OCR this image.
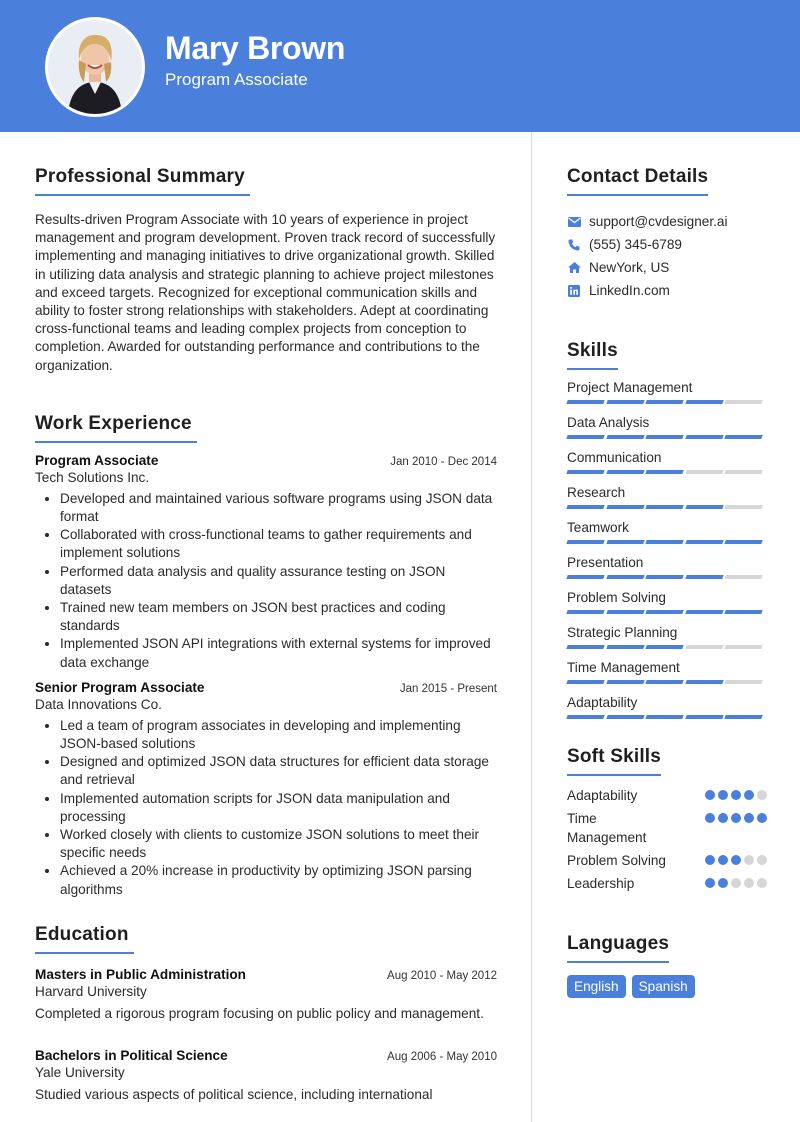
Mary Brown
Program Associate
Professional Summary

Results-driven Program Associate with 10 years of experience in project management and program development. Proven track record of successfully implementing and managing initiatives to drive organizational growth. Skilled in utilizing data analysis and strategic planning to achieve project milestones and exceed targets. Recognized for exceptional communication skills and ability to foster strong relationships with stakeholders. Adept at coordinating cross-functional teams and leading complex projects from conception to completion. Awarded for outstanding performance and contributions to the organization.

Work Experience
Program Associate	Jan 2010 - Dec 2014
Tech Solutions Inc.
• Developed and maintained various software programs using JSON data format
• Collaborated with cross-functional teams to gather requirements and implement solutions
• Performed data analysis and quality assurance testing on JSON datasets
• Trained new team members on JSON best practices and coding standards
• Implemented JSON API integrations with external systems for improved data exchange
Senior Program Associate	Jan 2015 - Present
Data Innovations Co.
• Led a team of program associates in developing and implementing JSON-based solutions
• Designed and optimized JSON data structures for efficient data storage and retrieval
• Implemented automation scripts for JSON data manipulation and processing
• Worked closely with clients to customize JSON solutions to meet their specific needs
• Achieved a 20% increase in productivity by optimizing JSON parsing algorithms
Education
Masters in Public Administration	Aug 2010 - May 2012
Harvard University
Completed a rigorous program focusing on public policy and management.
Bachelors in Political Science	Aug 2006 - May 2010
Yale University
Studied various aspects of political science, including international
Contact Details
support@cvdesigner.ai
(555) 345-6789
NewYork, US
LinkedIn.com
Skills
Project Management
Data Analysis
Communication
Research
Teamwork
Presentation
Problem Solving
Strategic Planning
Time Management
Adaptability
Soft Skills
Adaptability
Time Management
Problem Solving
Leadership
Languages
English	Spanish
